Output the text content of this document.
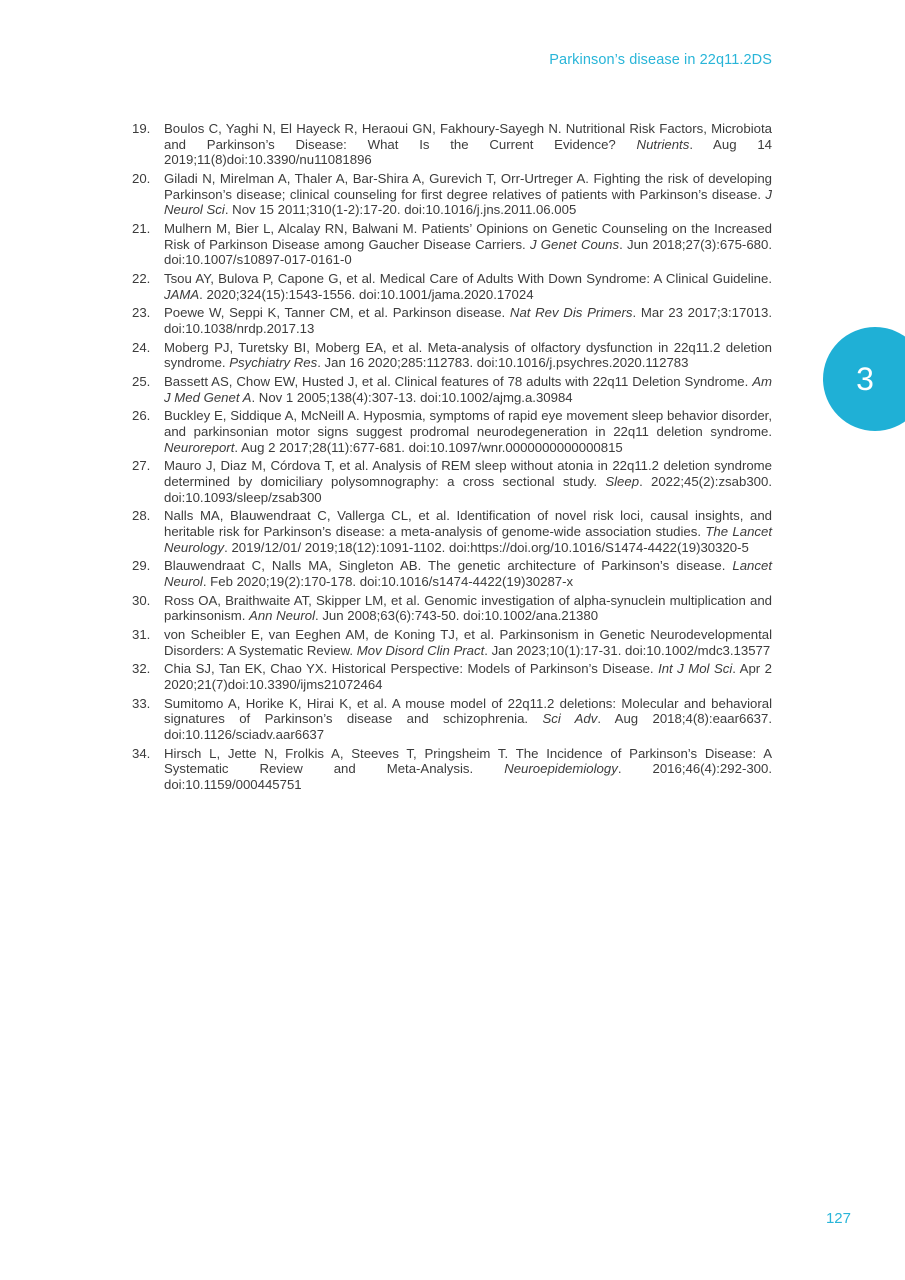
Parkinson’s disease in 22q11.2DS
3
19.	Boulos C, Yaghi N, El Hayeck R, Heraoui GN, Fakhoury-Sayegh N. Nutritional Risk Factors, Microbiota and Parkinson’s Disease: What Is the Current Evidence? Nutrients. Aug 14 2019;11(8)doi:10.3390/nu11081896
20.	Giladi N, Mirelman A, Thaler A, Bar-Shira A, Gurevich T, Orr-Urtreger A. Fighting the risk of developing Parkinson’s disease; clinical counseling for first degree relatives of patients with Parkinson’s disease. J Neurol Sci. Nov 15 2011;310(1-2):17-20. doi:10.1016/j.jns.2011.06.005
21.	Mulhern M, Bier L, Alcalay RN, Balwani M. Patients’ Opinions on Genetic Counseling on the Increased Risk of Parkinson Disease among Gaucher Disease Carriers. J Genet Couns. Jun 2018;27(3):675-680. doi:10.1007/s10897-017-0161-0
22.	Tsou AY, Bulova P, Capone G, et al. Medical Care of Adults With Down Syndrome: A Clinical Guideline. JAMA. 2020;324(15):1543-1556. doi:10.1001/jama.2020.17024
23.	Poewe W, Seppi K, Tanner CM, et al. Parkinson disease. Nat Rev Dis Primers. Mar 23 2017;3:17013. doi:10.1038/nrdp.2017.13
24.	Moberg PJ, Turetsky BI, Moberg EA, et al. Meta-analysis of olfactory dysfunction in 22q11.2 deletion syndrome. Psychiatry Res. Jan 16 2020;285:112783. doi:10.1016/j.psychres.2020.112783
25.	Bassett AS, Chow EW, Husted J, et al. Clinical features of 78 adults with 22q11 Deletion Syndrome. Am J Med Genet A. Nov 1 2005;138(4):307-13. doi:10.1002/ajmg.a.30984
26.	Buckley E, Siddique A, McNeill A. Hyposmia, symptoms of rapid eye movement sleep behavior disorder, and parkinsonian motor signs suggest prodromal neurodegeneration in 22q11 deletion syndrome. Neuroreport. Aug 2 2017;28(11):677-681. doi:10.1097/wnr.0000000000000815
27.	Mauro J, Diaz M, Córdova T, et al. Analysis of REM sleep without atonia in 22q11.2 deletion syndrome determined by domiciliary polysomnography: a cross sectional study. Sleep. 2022;45(2):zsab300. doi:10.1093/sleep/zsab300
28.	Nalls MA, Blauwendraat C, Vallerga CL, et al. Identification of novel risk loci, causal insights, and heritable risk for Parkinson’s disease: a meta-analysis of genome-wide association studies. The Lancet Neurology. 2019/12/01/ 2019;18(12):1091-1102. doi:https://doi.org/10.1016/S1474-4422(19)30320-5
29.	Blauwendraat C, Nalls MA, Singleton AB. The genetic architecture of Parkinson’s disease. Lancet Neurol. Feb 2020;19(2):170-178. doi:10.1016/s1474-4422(19)30287-x
30.	Ross OA, Braithwaite AT, Skipper LM, et al. Genomic investigation of alpha-synuclein multiplication and parkinsonism. Ann Neurol. Jun 2008;63(6):743-50. doi:10.1002/ana.21380
31.	von Scheibler E, van Eeghen AM, de Koning TJ, et al. Parkinsonism in Genetic Neurodevelopmental Disorders: A Systematic Review. Mov Disord Clin Pract. Jan 2023;10(1):17-31. doi:10.1002/mdc3.13577
32.	Chia SJ, Tan EK, Chao YX. Historical Perspective: Models of Parkinson’s Disease. Int J Mol Sci. Apr 2 2020;21(7)doi:10.3390/ijms21072464
33.	Sumitomo A, Horike K, Hirai K, et al. A mouse model of 22q11.2 deletions: Molecular and behavioral signatures of Parkinson’s disease and schizophrenia. Sci Adv. Aug 2018;4(8):eaar6637. doi:10.1126/sciadv.aar6637
34.	Hirsch L, Jette N, Frolkis A, Steeves T, Pringsheim T. The Incidence of Parkinson’s Disease: A Systematic Review and Meta-Analysis. Neuroepidemiology. 2016;46(4):292-300. doi:10.1159/000445751
127
